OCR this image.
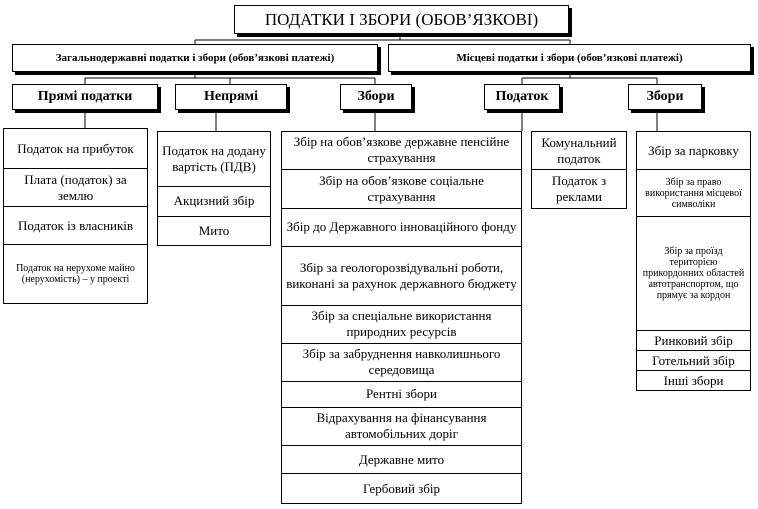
ПОДАТКИ І ЗБОРИ (ОБОВ’ЯЗКОВІ)
Загальнодержавні податки і збори (обов’язкові платежі)	Місцеві податки і збори (обов’язкові платежі)
Прямі податки	Непрямі	Збори	Податок	Збори
Податок на прибуток
Плата (податок) за землю
Податок із власників
Податок на нерухоме майно (нерухомість) – у проекті
Податок на додану вартість (ПДВ)
Акцизний збір
Мито
Збір на обов’язкове державне пенсійне страхування
Збір на обов’язкове соціальне страхування
Збір до Державного інноваційного фонду
Збір за геологорозвідувальні роботи, виконані за рахунок державного бюджету
Збір за спеціальне використання природних ресурсів
Збір за забруднення навколишнього середовища
Рентні збори
Відрахування на фінансування автомобільних доріг
Державне мито
Гербовий збір
Комунальний податок
Податок з реклами
Збір за парковку
Збір за право використання місцевої символіки
Збір за проїзд територією прикордонних областей автотранспортом, що прямує за кордон
Ринковий збір
Готельний збір
Інші збори
